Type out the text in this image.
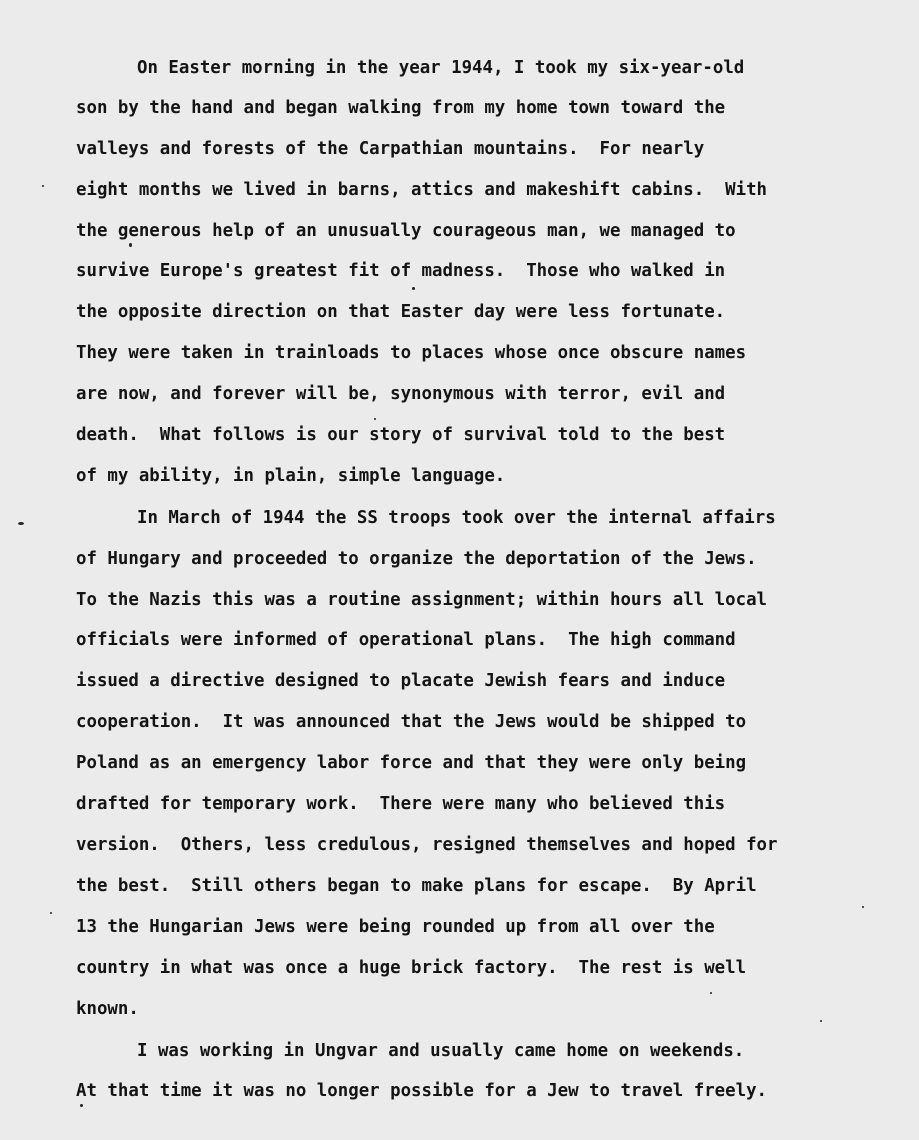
On Easter morning in the year 1944, I took my six-year-old

son by the hand and began walking from my home town toward the

valleys and forests of the Carpathian mountains.  For nearly

eight months we lived in barns, attics and makeshift cabins.  With

the generous help of an unusually courageous man, we managed to

survive Europe's greatest fit of madness.  Those who walked in

the opposite direction on that Easter day were less fortunate.

They were taken in trainloads to places whose once obscure names

are now, and forever will be, synonymous with terror, evil and

death.  What follows is our story of survival told to the best

of my ability, in plain, simple language.

In March of 1944 the SS troops took over the internal affairs

of Hungary and proceeded to organize the deportation of the Jews.

To the Nazis this was a routine assignment; within hours all local

officials were informed of operational plans.  The high command

issued a directive designed to placate Jewish fears and induce

cooperation.  It was announced that the Jews would be shipped to

Poland as an emergency labor force and that they were only being

drafted for temporary work.  There were many who believed this

version.  Others, less credulous, resigned themselves and hoped for

the best.  Still others began to make plans for escape.  By April

13 the Hungarian Jews were being rounded up from all over the

country in what was once a huge brick factory.  The rest is well

known.

I was working in Ungvar and usually came home on weekends.

At that time it was no longer possible for a Jew to travel freely.
